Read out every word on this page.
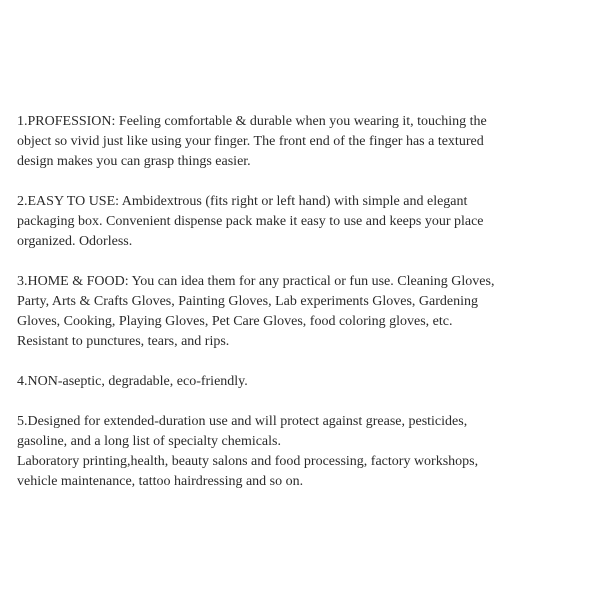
1.PROFESSION: Feeling comfortable & durable when you wearing it, touching the
object so vivid just like using your finger. The front end of the finger has a textured
design makes you can grasp things easier.
2.EASY TO USE: Ambidextrous (fits right or left hand) with simple and elegant
packaging box. Convenient dispense pack make it easy to use and keeps your place
organized. Odorless.
3.HOME & FOOD: You can idea them for any practical or fun use. Cleaning Gloves,
Party, Arts & Crafts Gloves, Painting Gloves, Lab experiments Gloves, Gardening
Gloves, Cooking, Playing Gloves, Pet Care Gloves, food coloring gloves, etc.
Resistant to punctures, tears, and rips.
4.NON-aseptic, degradable, eco-friendly.
5.Designed for extended-duration use and will protect against grease, pesticides,
gasoline, and a long list of specialty chemicals.
Laboratory printing,health, beauty salons and food processing, factory workshops,
vehicle maintenance, tattoo hairdressing and so on.
